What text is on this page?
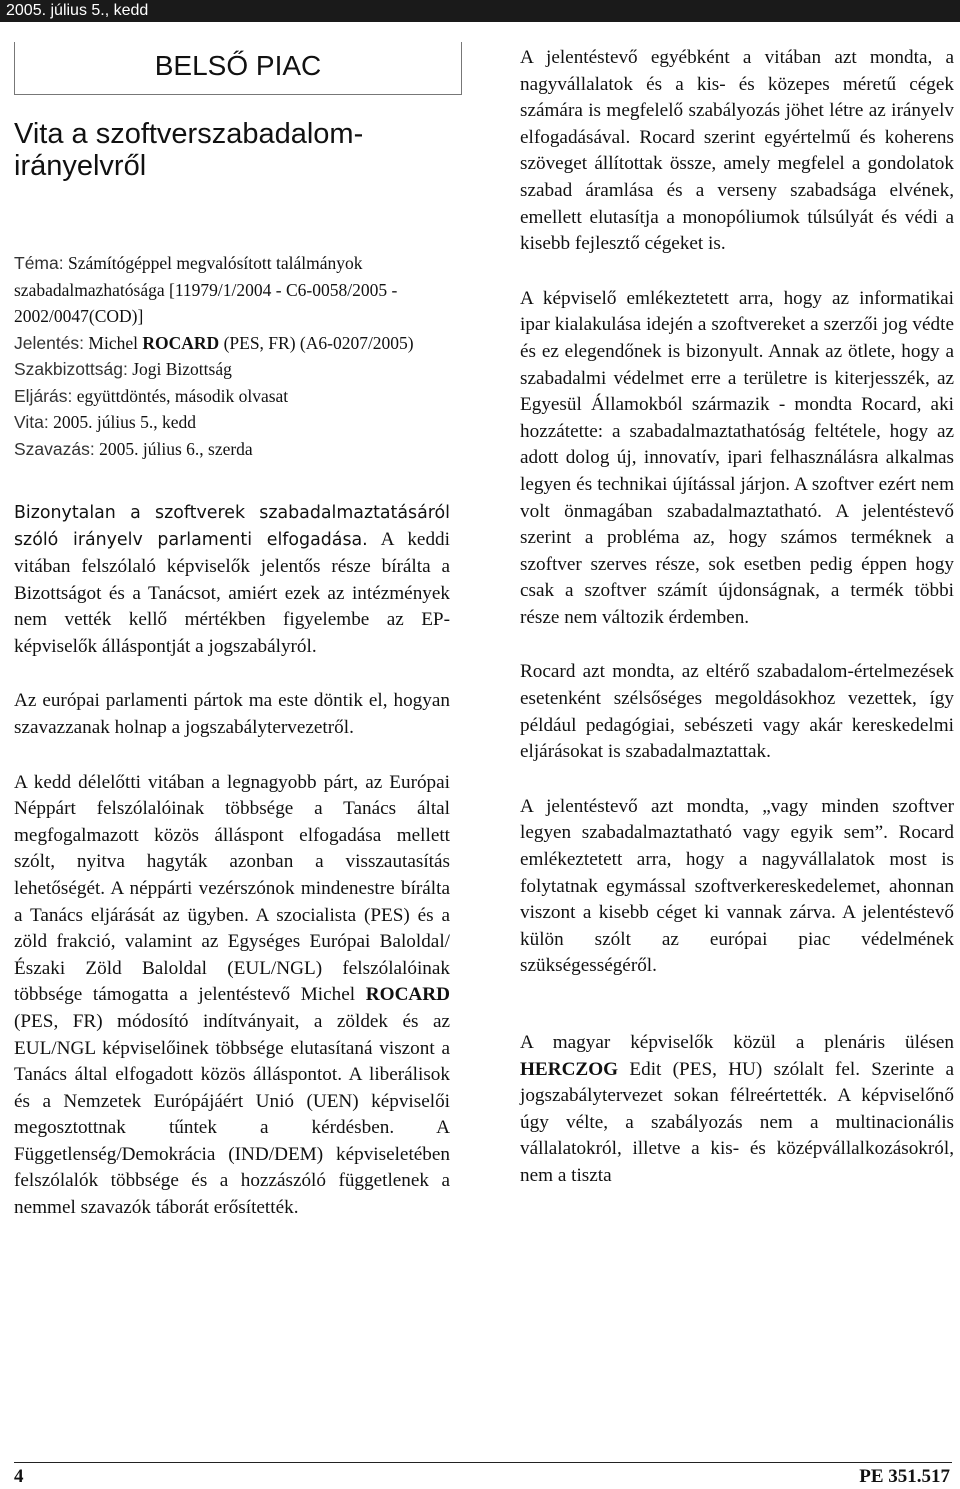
2005. július 5., kedd
BELSŐ PIAC
Vita a szoftverszabadalom-irányelvről
Téma: Számítógéppel megvalósított találmányok szabadalmazhatósága [11979/1/2004 - C6-0058/2005 - 2002/0047(COD)]
Jelentés: Michel ROCARD (PES, FR) (A6-0207/2005)
Szakbizottság: Jogi Bizottság
Eljárás: együttdöntés, második olvasat
Vita: 2005. július 5., kedd
Szavazás: 2005. július 6., szerda

Bizonytalan a szoftverek szabadalmaztatásáról szóló irányelv parlamenti elfogadása. A keddi vitában felszólaló képviselők jelentős része bírálta a Bizottságot és a Tanácsot, amiért ezek az intézmények nem vették kellő mértékben figyelembe az EP-képviselők álláspontját a jogszabályról.

Az európai parlamenti pártok ma este döntik el, hogyan szavazzanak holnap a jogszabálytervezetről.

A kedd délelőtti vitában a legnagyobb párt, az Európai Néppárt felszólalóinak többsége a Tanács által megfogalmazott közös álláspont elfogadása mellett szólt, nyitva hagyták azonban a visszautasítás lehetőségét. A néppárti vezérszónok mindenestre bírálta a Tanács eljárását az ügyben. A szocialista (PES) és a zöld frakció, valamint az Egységes Európai Baloldal/Északi Zöld Baloldal (EUL/NGL) felszólalóinak többsége támogatta a jelentéstevő Michel ROCARD (PES, FR) módosító indítványait, a zöldek és az EUL/NGL képviselőinek többsége elutasítaná viszont a Tanács által elfogadott közös álláspontot. A liberálisok és a Nemzetek Európájáért Unió (UEN) képviselői megosztottnak tűntek a kérdésben. A Függetlenség/Demokrácia (IND/DEM) képviseletében felszólalók többsége és a hozzászóló függetlenek a nemmel szavazók táborát erősítették.

A jelentéstevő egyébként a vitában azt mondta, a nagyvállalatok és a kis- és közepes méretű cégek számára is megfelelő szabályozás jöhet létre az irányelv elfogadásával. Rocard szerint egyértelmű és koherens szöveget állítottak össze, amely megfelel a gondolatok szabad áramlása és a verseny szabadsága elvének, emellett elutasítja a monopóliumok túlsúlyát és védi a kisebb fejlesztő cégeket is.

A képviselő emlékeztetett arra, hogy az informatikai ipar kialakulása idején a szoftvereket a szerzői jog védte és ez elegendőnek is bizonyult. Annak az ötlete, hogy a szabadalmi védelmet erre a területre is kiterjesszék, az Egyesül Államokból származik - mondta Rocard, aki hozzátette: a szabadalmaztathatóság feltétele, hogy az adott dolog új, innovatív, ipari felhasználásra alkalmas legyen és technikai újítással járjon. A szoftver ezért nem volt önmagában szabadalmaztatható. A jelentéstevő szerint a probléma az, hogy számos terméknek a szoftver szerves része, sok esetben pedig éppen hogy csak a szoftver számít újdonságnak, a termék többi része nem változik érdemben.

Rocard azt mondta, az eltérő szabadalom-értelmezések esetenként szélsőséges megoldásokhoz vezettek, így például pedagógiai, sebészeti vagy akár kereskedelmi eljárásokat is szabadalmaztattak.

A jelentéstevő azt mondta, „vagy minden szoftver legyen szabadalmaztatható vagy egyik sem”. Rocard emlékeztetett arra, hogy a nagyvállalatok most is folytatnak egymással szoftverkereskedelemet, ahonnan viszont a kisebb céget ki vannak zárva. A jelentéstevő külön szólt az európai piac védelmének szükségességéről.

A magyar képviselők közül a plenáris ülésen HERCZOG Edit (PES, HU) szólalt fel. Szerinte a jogszabálytervezet sokan félreértették. A képviselőnő úgy vélte, a szabályozás nem a multinacionális vállalatokról, illetve a kis- és középvállalkozásokról, nem a tiszta

4	PE 351.517
